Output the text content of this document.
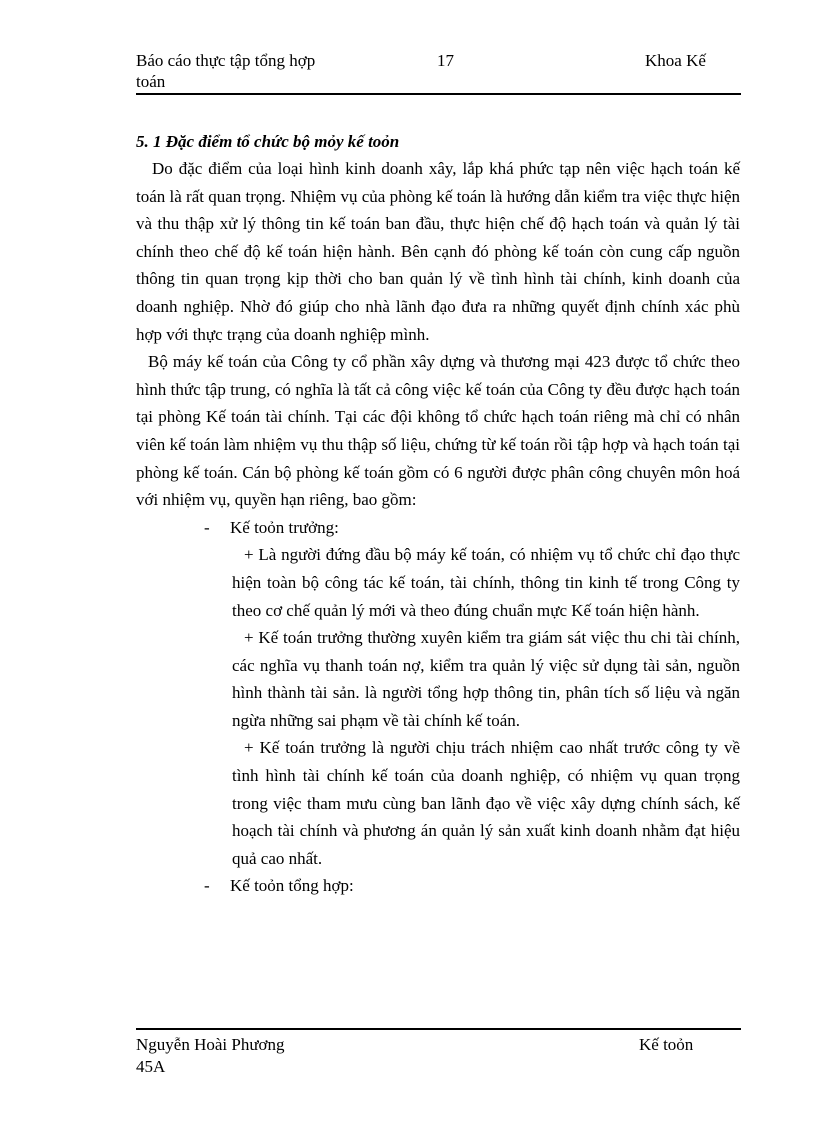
Báo cáo thực tập tổng hợp
toán
17	Khoa Kế

5. 1 Đặc điểm tổ chức bộ mỏy kế toỏn

Do đặc điểm của loại hình kinh doanh xây, lắp khá phức tạp nên việc hạch toán kế toán là rất quan trọng. Nhiệm vụ của phòng kế toán là hướng dẫn kiểm tra việc thực hiện và thu thập xử lý thông tin kế toán ban đầu, thực hiện chế độ hạch toán và quản lý tài chính theo chế độ kế toán hiện hành. Bên cạnh đó phòng kế toán còn cung cấp nguồn thông tin quan trọng kịp thời cho ban quản lý về tình hình tài chính, kinh doanh của doanh nghiệp. Nhờ đó giúp cho nhà lãnh đạo đưa ra những quyết định chính xác phù hợp với thực trạng của doanh nghiệp mình.

Bộ máy kế toán của Công ty cổ phần xây dựng và thương mại 423 được tổ chức theo hình thức tập trung, có nghĩa là tất cả công việc kế toán của Công ty đều được hạch toán tại phòng Kế toán tài chính. Tại các đội không tổ chức hạch toán riêng mà chỉ có nhân viên kế toán làm nhiệm vụ thu thập số liệu, chứng từ kế toán rồi tập hợp và hạch toán tại phòng kế toán. Cán bộ phòng kế toán gồm có 6 người được phân công chuyên môn hoá với nhiệm vụ, quyền hạn riêng, bao gồm:

- Kế toỏn trưởng:

+ Là người đứng đầu bộ máy kế toán, có nhiệm vụ tổ chức chỉ đạo thực hiện toàn bộ công tác kế toán, tài chính, thông tin kinh tế trong Công ty theo cơ chế quản lý mới và theo đúng chuẩn mực Kế toán hiện hành.

+ Kế toán trưởng thường xuyên kiểm tra giám sát việc thu chi tài chính, các nghĩa vụ thanh toán nợ, kiểm tra quản lý việc sử dụng tài sản, nguồn hình thành tài sản. là người tổng hợp thông tin, phân tích số liệu và ngăn ngừa những sai phạm về tài chính kế toán.

+ Kế toán trưởng là người chịu trách nhiệm cao nhất trước công ty về tình hình tài chính kế toán của doanh nghiệp, có nhiệm vụ quan trọng trong việc tham mưu cùng ban lãnh đạo về việc xây dựng chính sách, kế hoạch tài chính và phương án quản lý sản xuất kinh doanh nhằm đạt hiệu quả cao nhất.

- Kế toỏn tổng hợp:

Nguyễn Hoài Phương
45A
Kế toỏn
